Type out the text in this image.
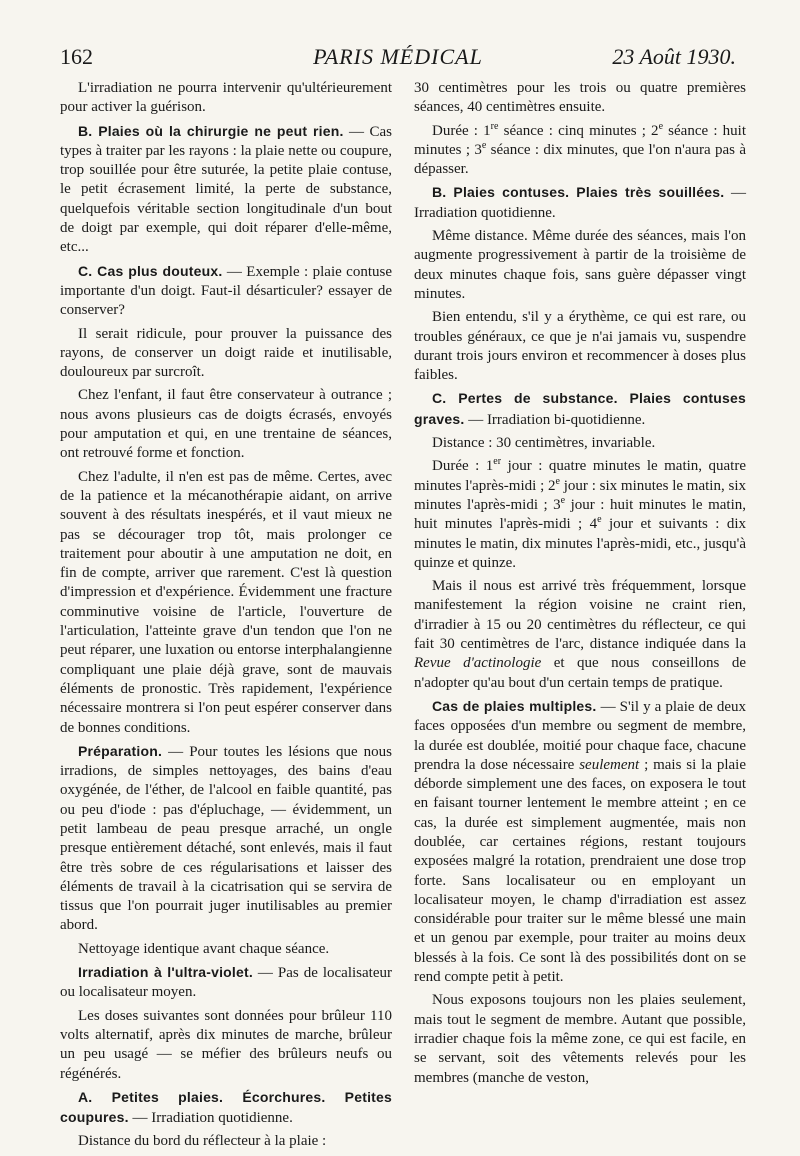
162	PARIS MÉDICAL	23 Août 1930.

L'irradiation ne pourra intervenir qu'ultérieurement pour activer la guérison.

B. Plaies où la chirurgie ne peut rien. — Cas types à traiter par les rayons : la plaie nette ou coupure, trop souillée pour être suturée, la petite plaie contuse, le petit écrasement limité, la perte de substance, quelquefois véritable section longitudinale d'un bout de doigt par exemple, qui doit réparer d'elle-même, etc...

C. Cas plus douteux. — Exemple : plaie contuse importante d'un doigt. Faut-il désarticuler? essayer de conserver?

Il serait ridicule, pour prouver la puissance des rayons, de conserver un doigt raide et inutilisable, douloureux par surcroît.

Chez l'enfant, il faut être conservateur à outrance ; nous avons plusieurs cas de doigts écrasés, envoyés pour amputation et qui, en une trentaine de séances, ont retrouvé forme et fonction.

Chez l'adulte, il n'en est pas de même. Certes, avec de la patience et la mécanothérapie aidant, on arrive souvent à des résultats inespérés, et il vaut mieux ne pas se décourager trop tôt, mais prolonger ce traitement pour aboutir à une amputation ne doit, en fin de compte, arriver que rarement. C'est là question d'impression et d'expérience. Évidemment une fracture comminutive voisine de l'article, l'ouverture de l'articulation, l'atteinte grave d'un tendon que l'on ne peut réparer, une luxation ou entorse interphalangienne compliquant une plaie déjà grave, sont de mauvais éléments de pronostic. Très rapidement, l'expérience nécessaire montrera si l'on peut espérer conserver dans de bonnes conditions.

Préparation. — Pour toutes les lésions que nous irradions, de simples nettoyages, des bains d'eau oxygénée, de l'éther, de l'alcool en faible quantité, pas ou peu d'iode : pas d'épluchage, — évidemment, un petit lambeau de peau presque arraché, un ongle presque entièrement détaché, sont enlevés, mais il faut être très sobre de ces régularisations et laisser des éléments de travail à la cicatrisation qui se servira de tissus que l'on pourrait juger inutilisables au premier abord.

Nettoyage identique avant chaque séance.

Irradiation à l'ultra-violet. — Pas de localisateur ou localisateur moyen.

Les doses suivantes sont données pour brûleur 110 volts alternatif, après dix minutes de marche, brûleur un peu usagé — se méfier des brûleurs neufs ou régénérés.

A. Petites plaies. Écorchures. Petites coupures. — Irradiation quotidienne.

Distance du bord du réflecteur à la plaie :

30 centimètres pour les trois ou quatre premières séances, 40 centimètres ensuite.

Durée : 1re séance : cinq minutes ; 2e séance : huit minutes ; 3e séance : dix minutes, que l'on n'aura pas à dépasser.

B. Plaies contuses. Plaies très souillées. — Irradiation quotidienne.

Même distance. Même durée des séances, mais l'on augmente progressivement à partir de la troisième de deux minutes chaque fois, sans guère dépasser vingt minutes.

Bien entendu, s'il y a érythème, ce qui est rare, ou troubles généraux, ce que je n'ai jamais vu, suspendre durant trois jours environ et recommencer à doses plus faibles.

C. Pertes de substance. Plaies contuses graves. — Irradiation bi-quotidienne.

Distance : 30 centimètres, invariable.

Durée : 1er jour : quatre minutes le matin, quatre minutes l'après-midi ; 2e jour : six minutes le matin, six minutes l'après-midi ; 3e jour : huit minutes le matin, huit minutes l'après-midi ; 4e jour et suivants : dix minutes le matin, dix minutes l'après-midi, etc., jusqu'à quinze et quinze.

Mais il nous est arrivé très fréquemment, lorsque manifestement la région voisine ne craint rien, d'irradier à 15 ou 20 centimètres du réflecteur, ce qui fait 30 centimètres de l'arc, distance indiquée dans la Revue d'actinologie et que nous conseillons de n'adopter qu'au bout d'un certain temps de pratique.

Cas de plaies multiples. — S'il y a plaie de deux faces opposées d'un membre ou segment de membre, la durée est doublée, moitié pour chaque face, chacune prendra la dose nécessaire seulement ; mais si la plaie déborde simplement une des faces, on exposera le tout en faisant tourner lentement le membre atteint ; en ce cas, la durée est simplement augmentée, mais non doublée, car certaines régions, restant toujours exposées malgré la rotation, prendraient une dose trop forte. Sans localisateur ou en employant un localisateur moyen, le champ d'irradiation est assez considérable pour traiter sur le même blessé une main et un genou par exemple, pour traiter au moins deux blessés à la fois. Ce sont là des possibilités dont on se rend compte petit à petit.

Nous exposons toujours non les plaies seulement, mais tout le segment de membre. Autant que possible, irradier chaque fois la même zone, ce qui est facile, en se servant, soit des vêtements relevés pour les membres (manche de veston,
